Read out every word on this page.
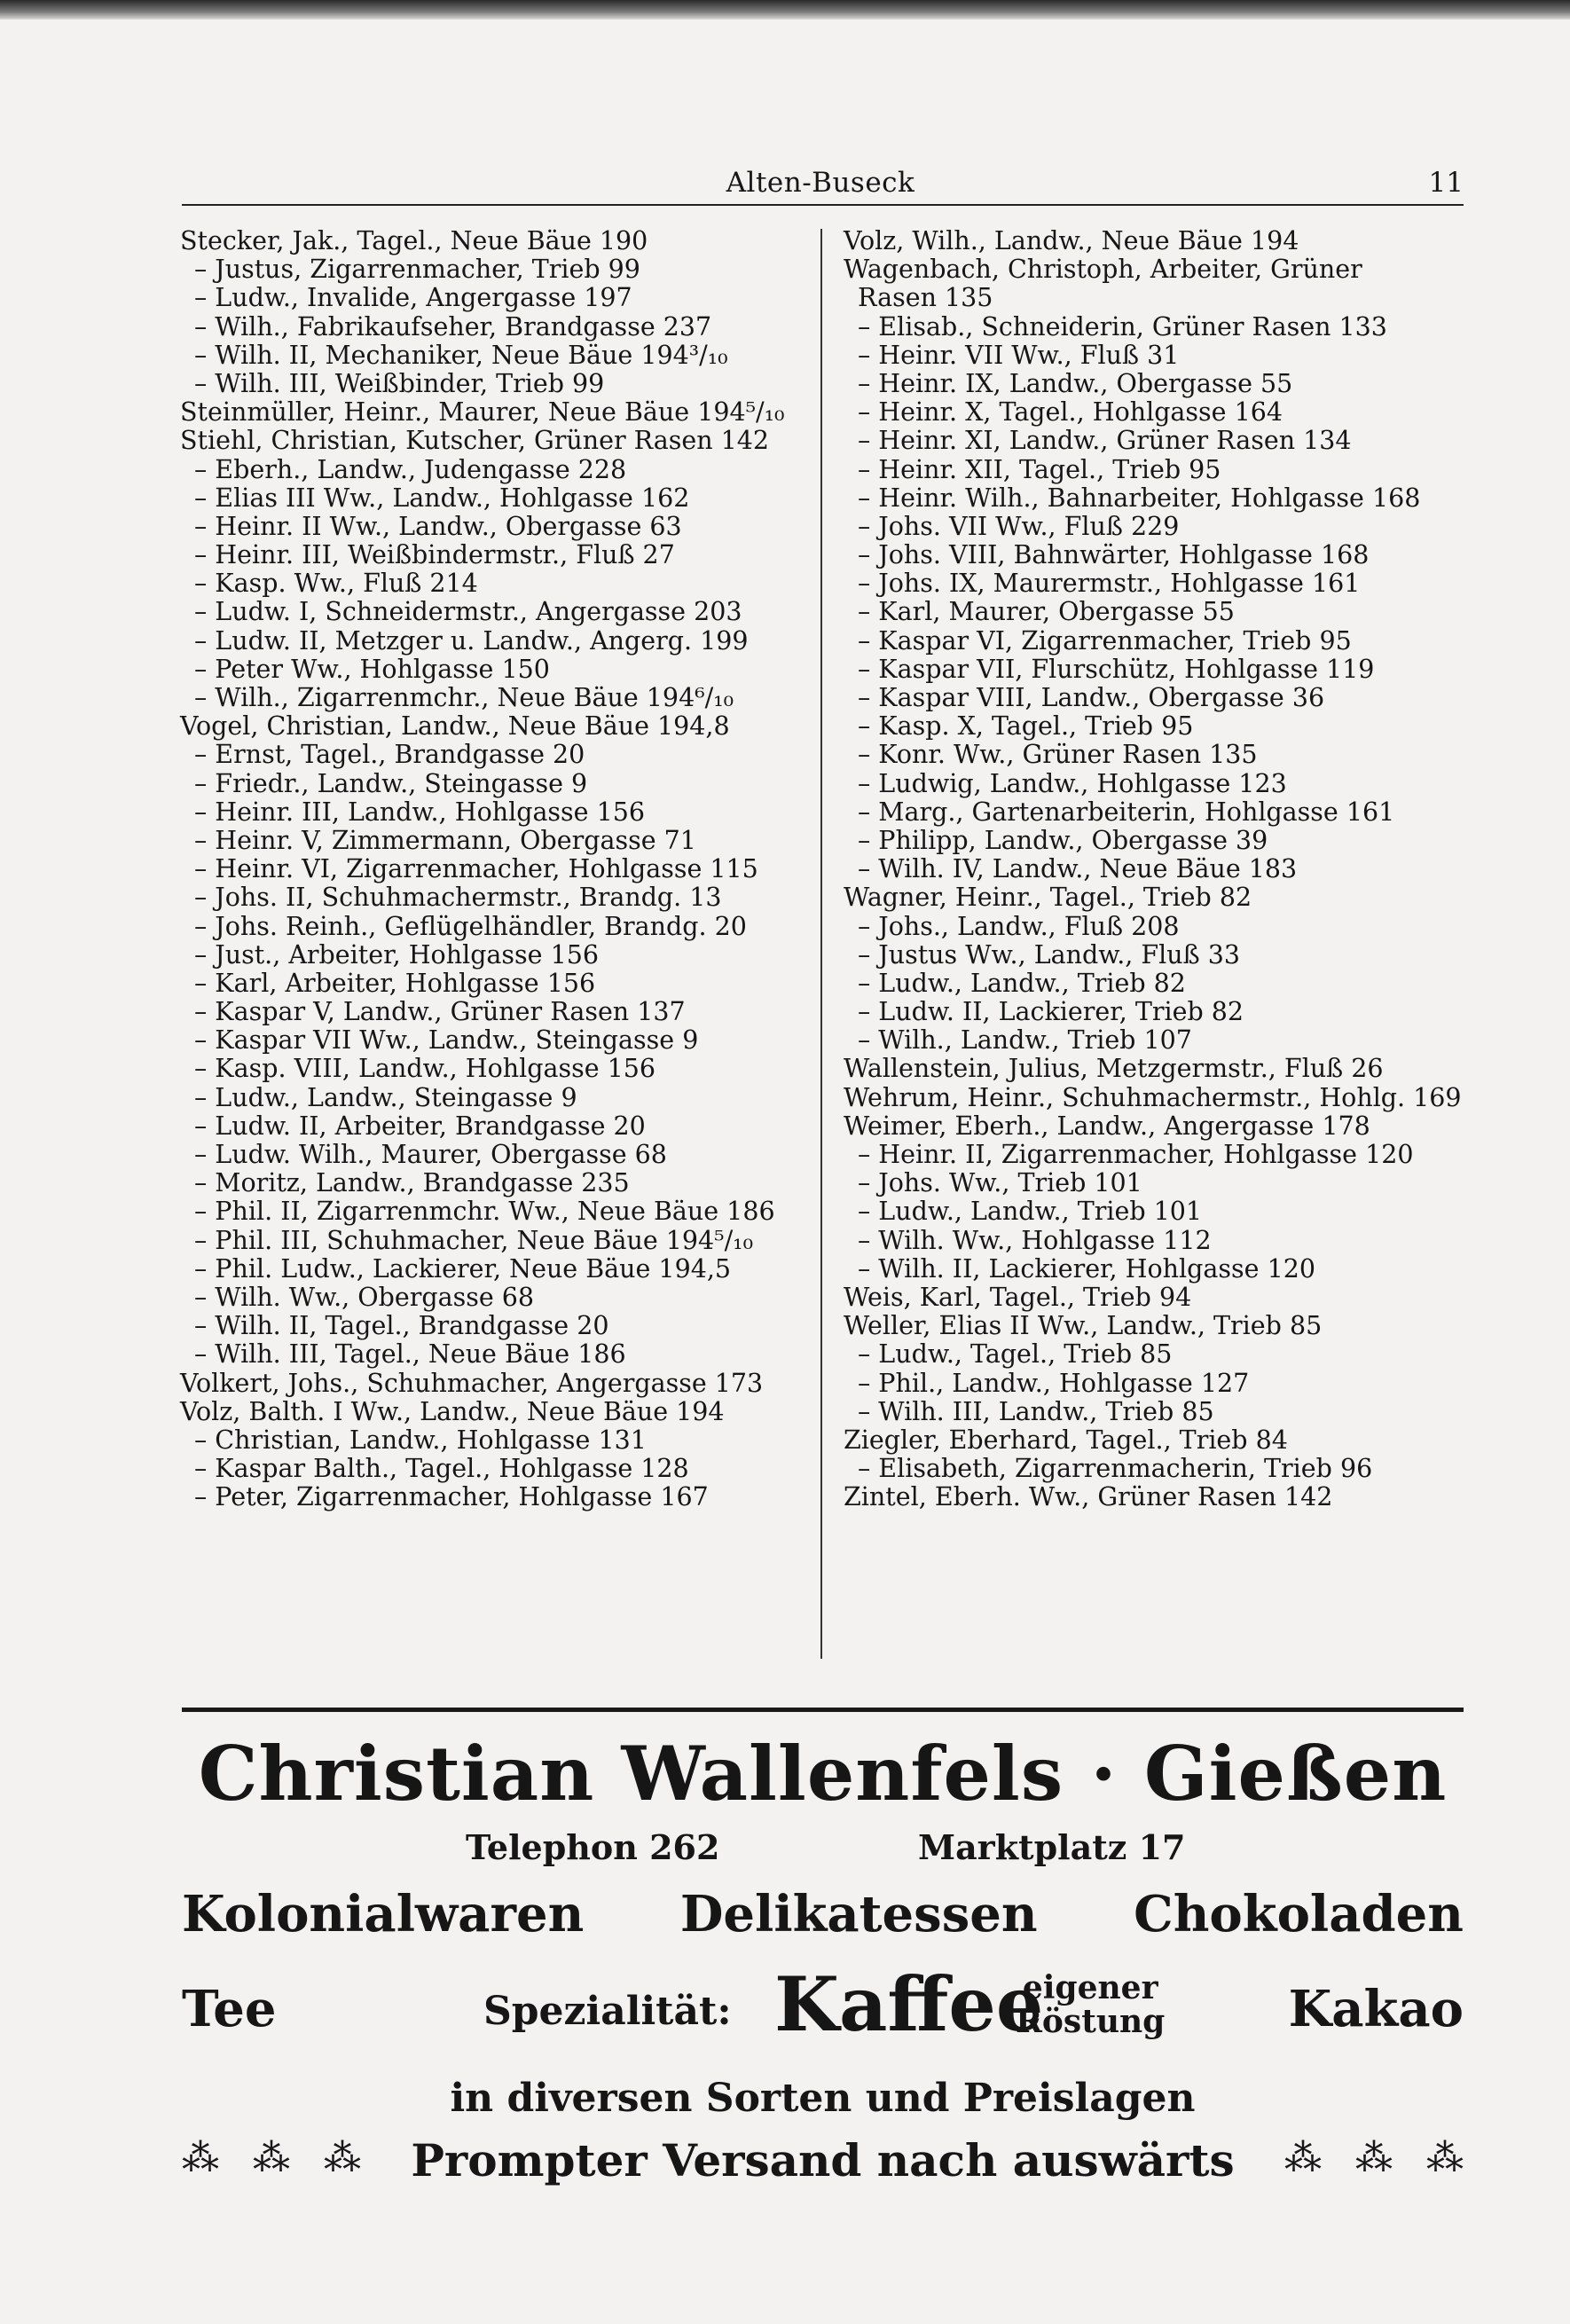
Alten-Buseck	11
Stecker, Jak., Tagel., Neue Bäue 190
– Justus, Zigarrenmacher, Trieb 99
– Ludw., Invalide, Angergasse 197
– Wilh., Fabrikaufseher, Brandgasse 237
– Wilh. II, Mechaniker, Neue Bäue 194³/₁₀
– Wilh. III, Weißbinder, Trieb 99
Steinmüller, Heinr., Maurer, Neue Bäue 194⁵/₁₀
Stiehl, Christian, Kutscher, Grüner Rasen 142
– Eberh., Landw., Judengasse 228
– Elias III Ww., Landw., Hohlgasse 162
– Heinr. II Ww., Landw., Obergasse 63
– Heinr. III, Weißbindermstr., Fluß 27
– Kasp. Ww., Fluß 214
– Ludw. I, Schneidermstr., Angergasse 203
– Ludw. II, Metzger u. Landw., Angerg. 199
– Peter Ww., Hohlgasse 150
– Wilh., Zigarrenmchr., Neue Bäue 194⁶/₁₀
Vogel, Christian, Landw., Neue Bäue 194,8
– Ernst, Tagel., Brandgasse 20
– Friedr., Landw., Steingasse 9
– Heinr. III, Landw., Hohlgasse 156
– Heinr. V, Zimmermann, Obergasse 71
– Heinr. VI, Zigarrenmacher, Hohlgasse 115
– Johs. II, Schuhmachermstr., Brandg. 13
– Johs. Reinh., Geflügelhändler, Brandg. 20
– Just., Arbeiter, Hohlgasse 156
– Karl, Arbeiter, Hohlgasse 156
– Kaspar V, Landw., Grüner Rasen 137
– Kaspar VII Ww., Landw., Steingasse 9
– Kasp. VIII, Landw., Hohlgasse 156
– Ludw., Landw., Steingasse 9
– Ludw. II, Arbeiter, Brandgasse 20
– Ludw. Wilh., Maurer, Obergasse 68
– Moritz, Landw., Brandgasse 235
– Phil. II, Zigarrenmchr. Ww., Neue Bäue 186
– Phil. III, Schuhmacher, Neue Bäue 194⁵/₁₀
– Phil. Ludw., Lackierer, Neue Bäue 194,5
– Wilh. Ww., Obergasse 68
– Wilh. II, Tagel., Brandgasse 20
– Wilh. III, Tagel., Neue Bäue 186
Volkert, Johs., Schuhmacher, Angergasse 173
Volz, Balth. I Ww., Landw., Neue Bäue 194
– Christian, Landw., Hohlgasse 131
– Kaspar Balth., Tagel., Hohlgasse 128
– Peter, Zigarrenmacher, Hohlgasse 167
Volz, Wilh., Landw., Neue Bäue 194
Wagenbach, Christoph, Arbeiter, Grüner
Rasen 135
– Elisab., Schneiderin, Grüner Rasen 133
– Heinr. VII Ww., Fluß 31
– Heinr. IX, Landw., Obergasse 55
– Heinr. X, Tagel., Hohlgasse 164
– Heinr. XI, Landw., Grüner Rasen 134
– Heinr. XII, Tagel., Trieb 95
– Heinr. Wilh., Bahnarbeiter, Hohlgasse 168
– Johs. VII Ww., Fluß 229
– Johs. VIII, Bahnwärter, Hohlgasse 168
– Johs. IX, Maurermstr., Hohlgasse 161
– Karl, Maurer, Obergasse 55
– Kaspar VI, Zigarrenmacher, Trieb 95
– Kaspar VII, Flurschütz, Hohlgasse 119
– Kaspar VIII, Landw., Obergasse 36
– Kasp. X, Tagel., Trieb 95
– Konr. Ww., Grüner Rasen 135
– Ludwig, Landw., Hohlgasse 123
– Marg., Gartenarbeiterin, Hohlgasse 161
– Philipp, Landw., Obergasse 39
– Wilh. IV, Landw., Neue Bäue 183
Wagner, Heinr., Tagel., Trieb 82
– Johs., Landw., Fluß 208
– Justus Ww., Landw., Fluß 33
– Ludw., Landw., Trieb 82
– Ludw. II, Lackierer, Trieb 82
– Wilh., Landw., Trieb 107
Wallenstein, Julius, Metzgermstr., Fluß 26
Wehrum, Heinr., Schuhmachermstr., Hohlg. 169
Weimer, Eberh., Landw., Angergasse 178
– Heinr. II, Zigarrenmacher, Hohlgasse 120
– Johs. Ww., Trieb 101
– Ludw., Landw., Trieb 101
– Wilh. Ww., Hohlgasse 112
– Wilh. II, Lackierer, Hohlgasse 120
Weis, Karl, Tagel., Trieb 94
Weller, Elias II Ww., Landw., Trieb 85
– Ludw., Tagel., Trieb 85
– Phil., Landw., Hohlgasse 127
– Wilh. III, Landw., Trieb 85
Ziegler, Eberhard, Tagel., Trieb 84
– Elisabeth, Zigarrenmacherin, Trieb 96
Zintel, Eberh. Ww., Grüner Rasen 142
Christian Wallenfels · Gießen
Telephon 262	Marktplatz 17
Kolonialwaren Delikatessen Chokoladen
Tee	Spezialität: Kaffee
eigener
Röstung Kakao
in diversen Sorten und Preislagen
⁂ ⁂ ⁂	Prompter Versand nach auswärts	⁂ ⁂ ⁂
